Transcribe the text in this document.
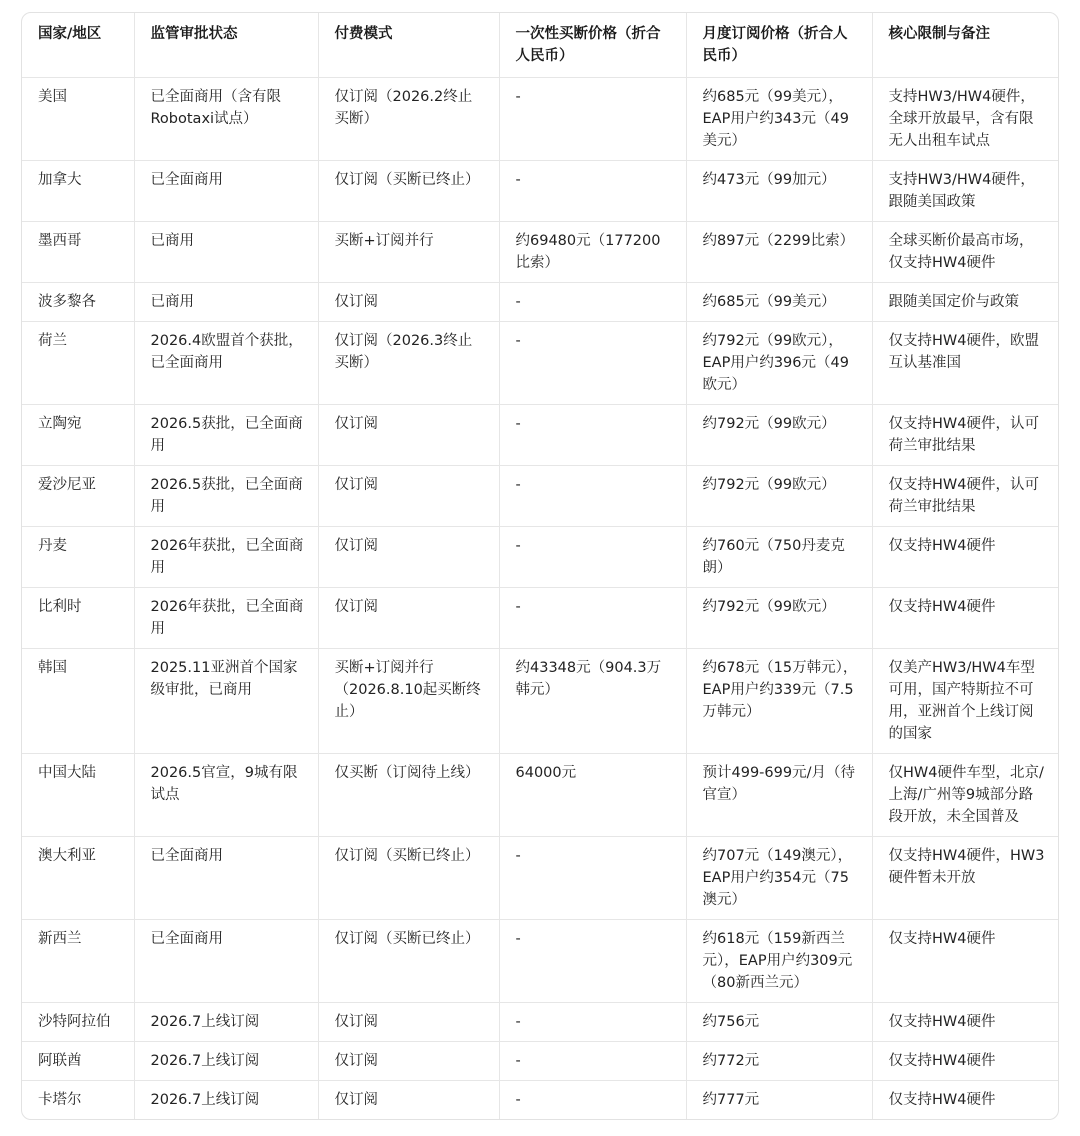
国家/地区	监管审批状态	付费模式	一次性买断价格（折合人民币）	月度订阅价格（折合人民币）	核心限制与备注
美国	已全面商用（含有限Robotaxi试点）	仅订阅（2026.2终止买断）	-	约685元（99美元），EAP用户约343元（49美元）	支持HW3/HW4硬件，全球开放最早，含有限无人出租车试点
加拿大	已全面商用	仅订阅（买断已终止）	-	约473元（99加元）	支持HW3/HW4硬件，跟随美国政策
墨西哥	已商用	买断+订阅并行	约69480元（177200比索）	约897元（2299比索）	全球买断价最高市场，仅支持HW4硬件
波多黎各	已商用	仅订阅	-	约685元（99美元）	跟随美国定价与政策
荷兰	2026.4欧盟首个获批，已全面商用	仅订阅（2026.3终止买断）	-	约792元（99欧元），EAP用户约396元（49欧元）	仅支持HW4硬件，欧盟互认基准国
立陶宛	2026.5获批，已全面商用	仅订阅	-	约792元（99欧元）	仅支持HW4硬件，认可荷兰审批结果
爱沙尼亚	2026.5获批，已全面商用	仅订阅	-	约792元（99欧元）	仅支持HW4硬件，认可荷兰审批结果
丹麦	2026年获批，已全面商用	仅订阅	-	约760元（750丹麦克朗）	仅支持HW4硬件
比利时	2026年获批，已全面商用	仅订阅	-	约792元（99欧元）	仅支持HW4硬件
韩国	2025.11亚洲首个国家级审批，已商用	买断+订阅并行（2026.8.10起买断终止）	约43348元（904.3万韩元）	约678元（15万韩元），EAP用户约339元（7.5万韩元）	仅美产HW3/HW4车型可用，国产特斯拉不可用，亚洲首个上线订阅的国家
中国大陆	2026.5官宣，9城有限试点	仅买断（订阅待上线）	64000元	预计499-699元/月（待官宣）	仅HW4硬件车型，北京/上海/广州等9城部分路段开放，未全国普及
澳大利亚	已全面商用	仅订阅（买断已终止）	-	约707元（149澳元），EAP用户约354元（75澳元）	仅支持HW4硬件，HW3硬件暂未开放
新西兰	已全面商用	仅订阅（买断已终止）	-	约618元（159新西兰元），EAP用户约309元（80新西兰元）	仅支持HW4硬件
沙特阿拉伯	2026.7上线订阅	仅订阅	-	约756元	仅支持HW4硬件
阿联酋	2026.7上线订阅	仅订阅	-	约772元	仅支持HW4硬件
卡塔尔	2026.7上线订阅	仅订阅	-	约777元	仅支持HW4硬件
